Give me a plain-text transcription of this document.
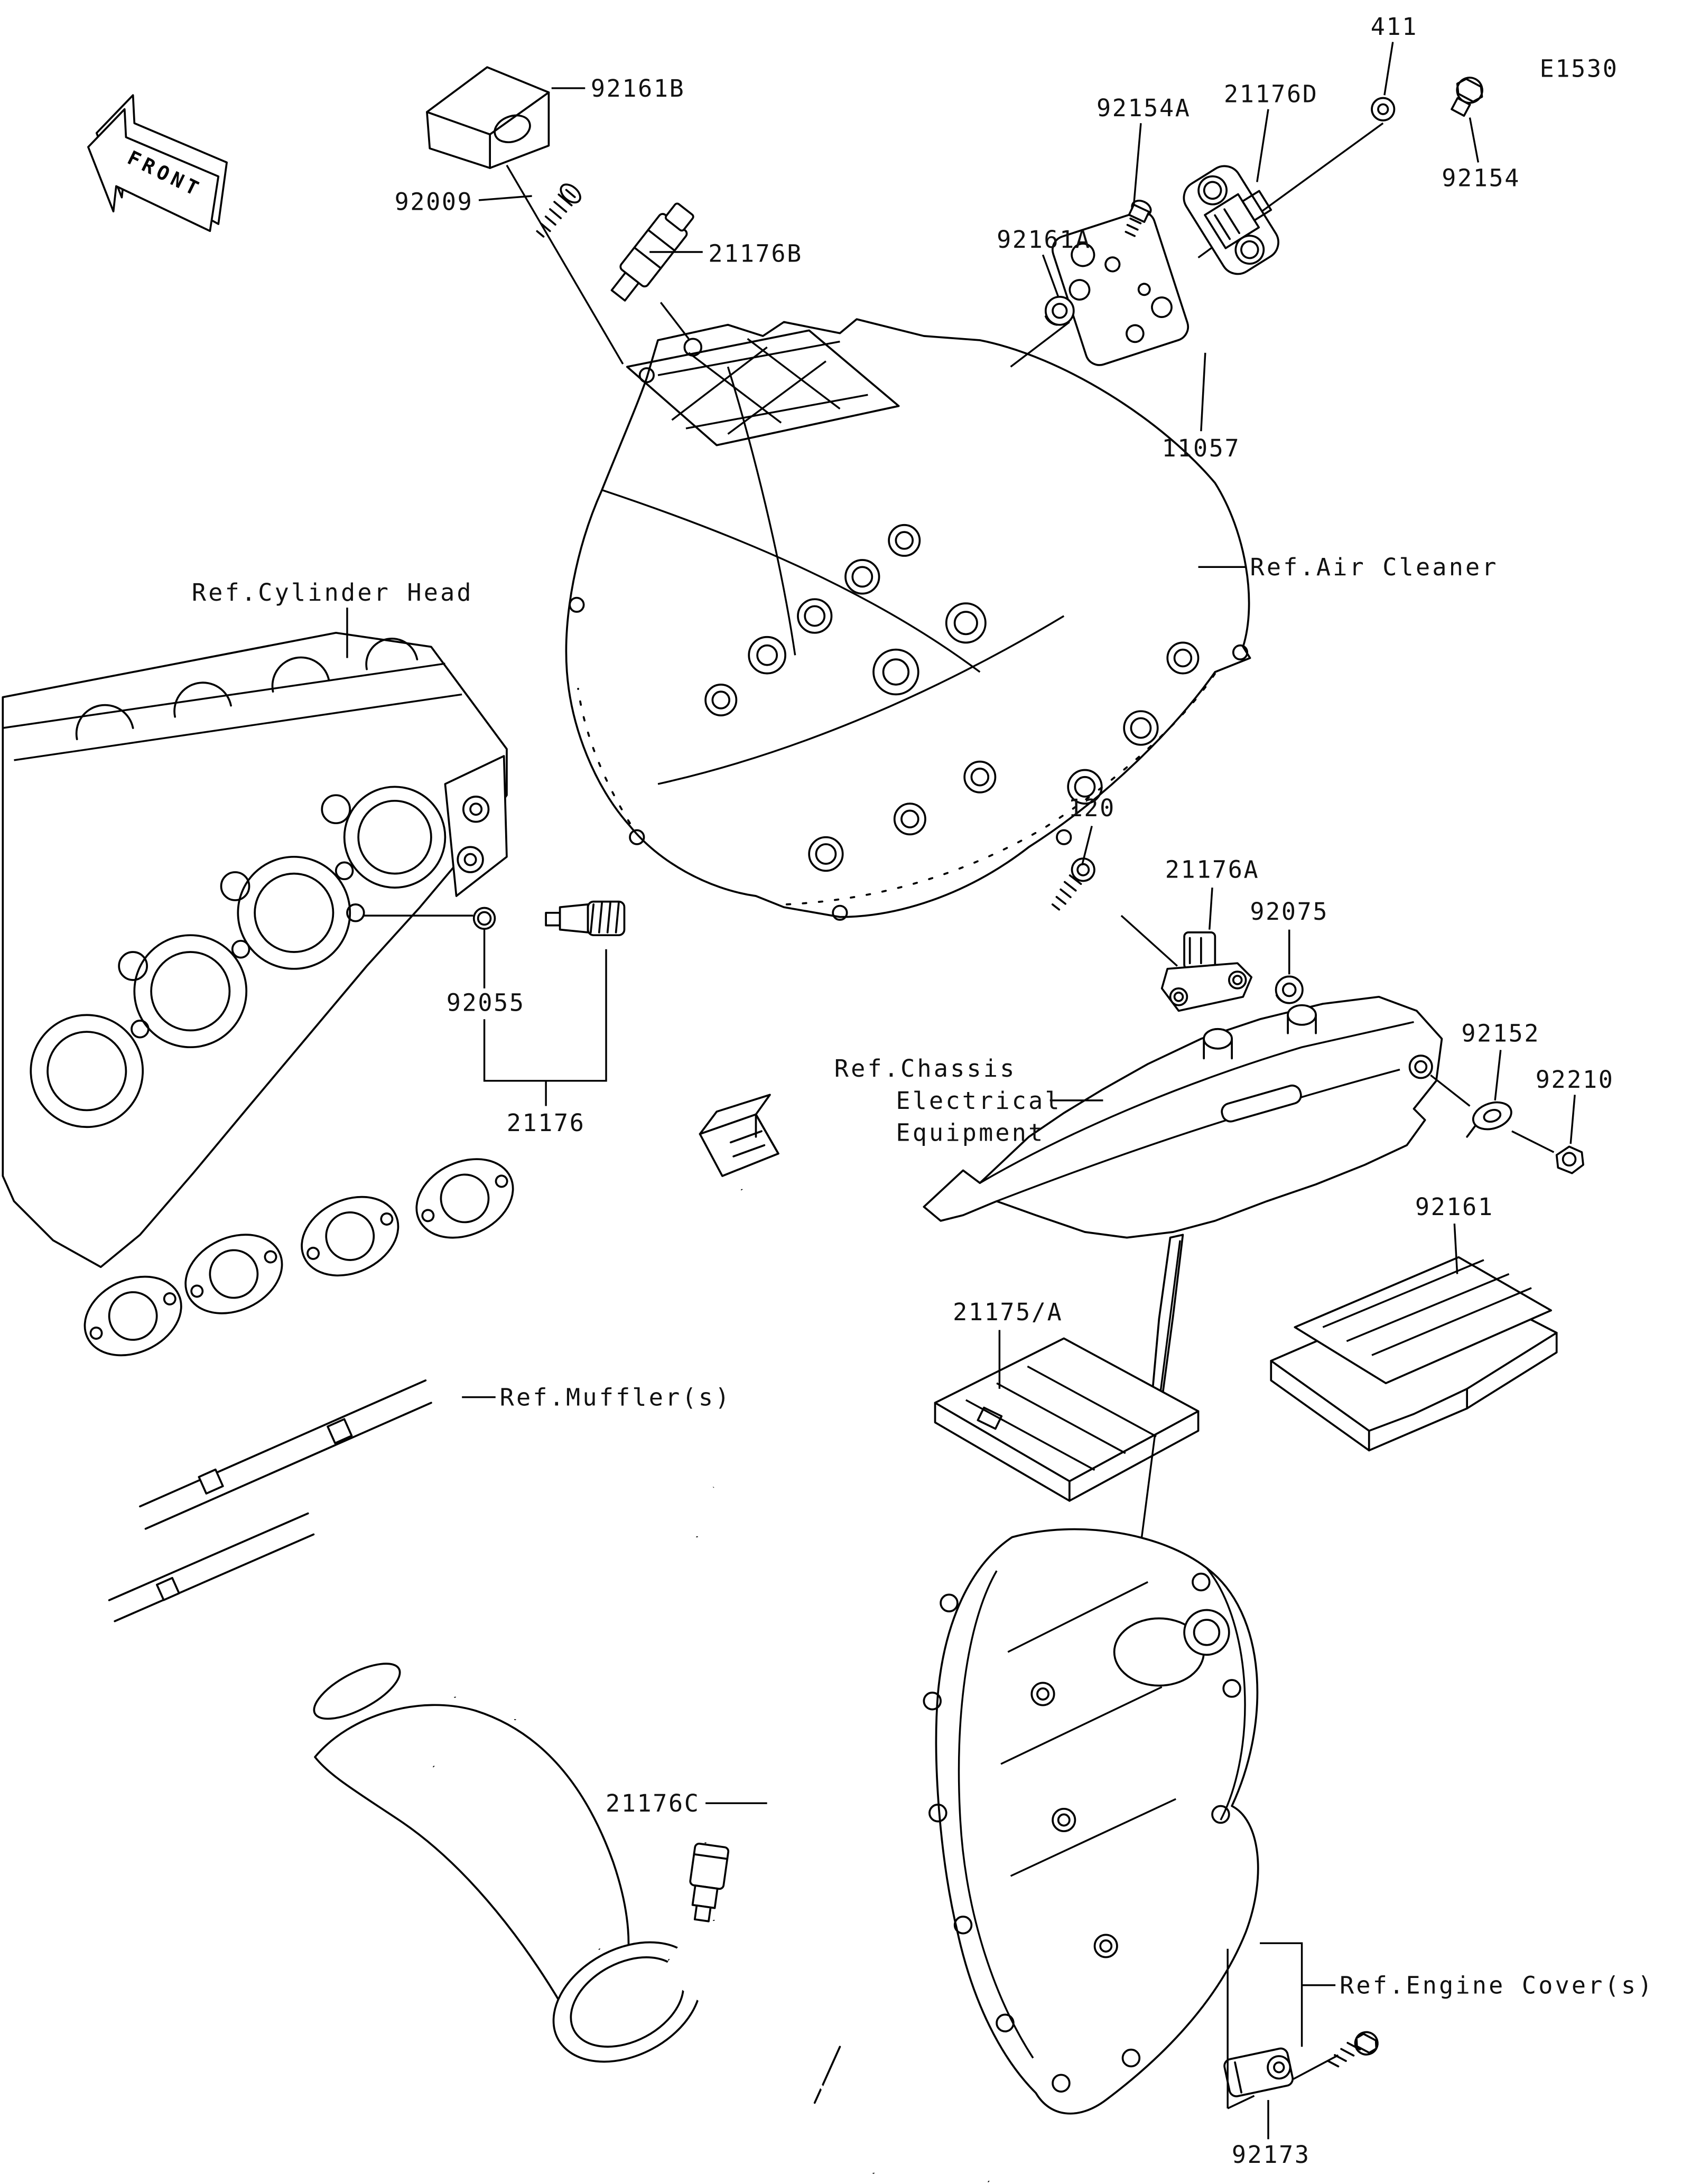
FRONT
92161B
92009
21176B
92154A	21176D
411
E1530
92154
92161A
11057
Ref.Air Cleaner
Ref.Cylinder Head
120
21176A
92075
92055
21176
Ref.Chassis
Electrical
Equipment
92152
92210
92161
21175/A
Ref.Muffler(s)
21176C
Ref.Engine Cover(s)
92173
